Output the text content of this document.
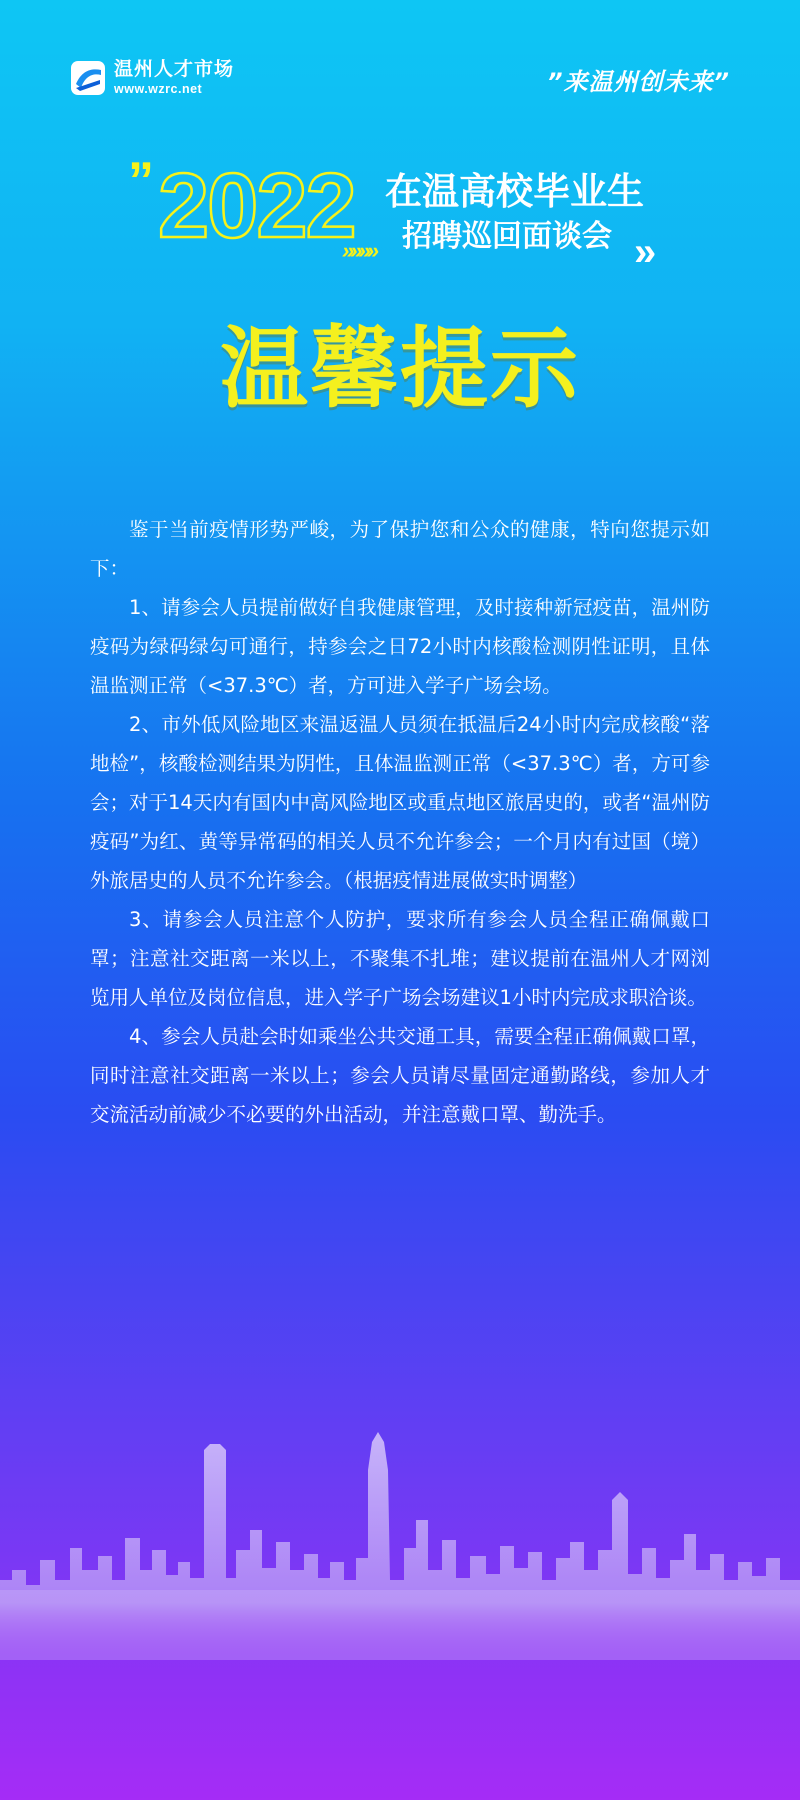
温州人才市场
www.wzrc.net	”来温州创未来”
” 2022
»»»»
在温高校毕业生
招聘巡回面谈会 »
温馨提示

鉴于当前疫情形势严峻，为了保护您和公众的健康，特向您提示如下：

1、请参会人员提前做好自我健康管理，及时接种新冠疫苗，温州防疫码为绿码绿勾可通行，持参会之日72小时内核酸检测阴性证明，且体温监测正常（<37.3℃）者，方可进入学子广场会场。

2、市外低风险地区来温返温人员须在抵温后24小时内完成核酸“落地检”，核酸检测结果为阴性，且体温监测正常（<37.3℃）者，方可参会；对于14天内有国内中高风险地区或重点地区旅居史的，或者“温州防疫码”为红、黄等异常码的相关人员不允许参会；一个月内有过国（境）外旅居史的人员不允许参会。（根据疫情进展做实时调整）

3、请参会人员注意个人防护，要求所有参会人员全程正确佩戴口罩；注意社交距离一米以上，不聚集不扎堆；建议提前在温州人才网浏览用人单位及岗位信息，进入学子广场会场建议1小时内完成求职洽谈。

4、参会人员赴会时如乘坐公共交通工具，需要全程正确佩戴口罩，同时注意社交距离一米以上；参会人员请尽量固定通勤路线，参加人才交流活动前减少不必要的外出活动，并注意戴口罩、勤洗手。
